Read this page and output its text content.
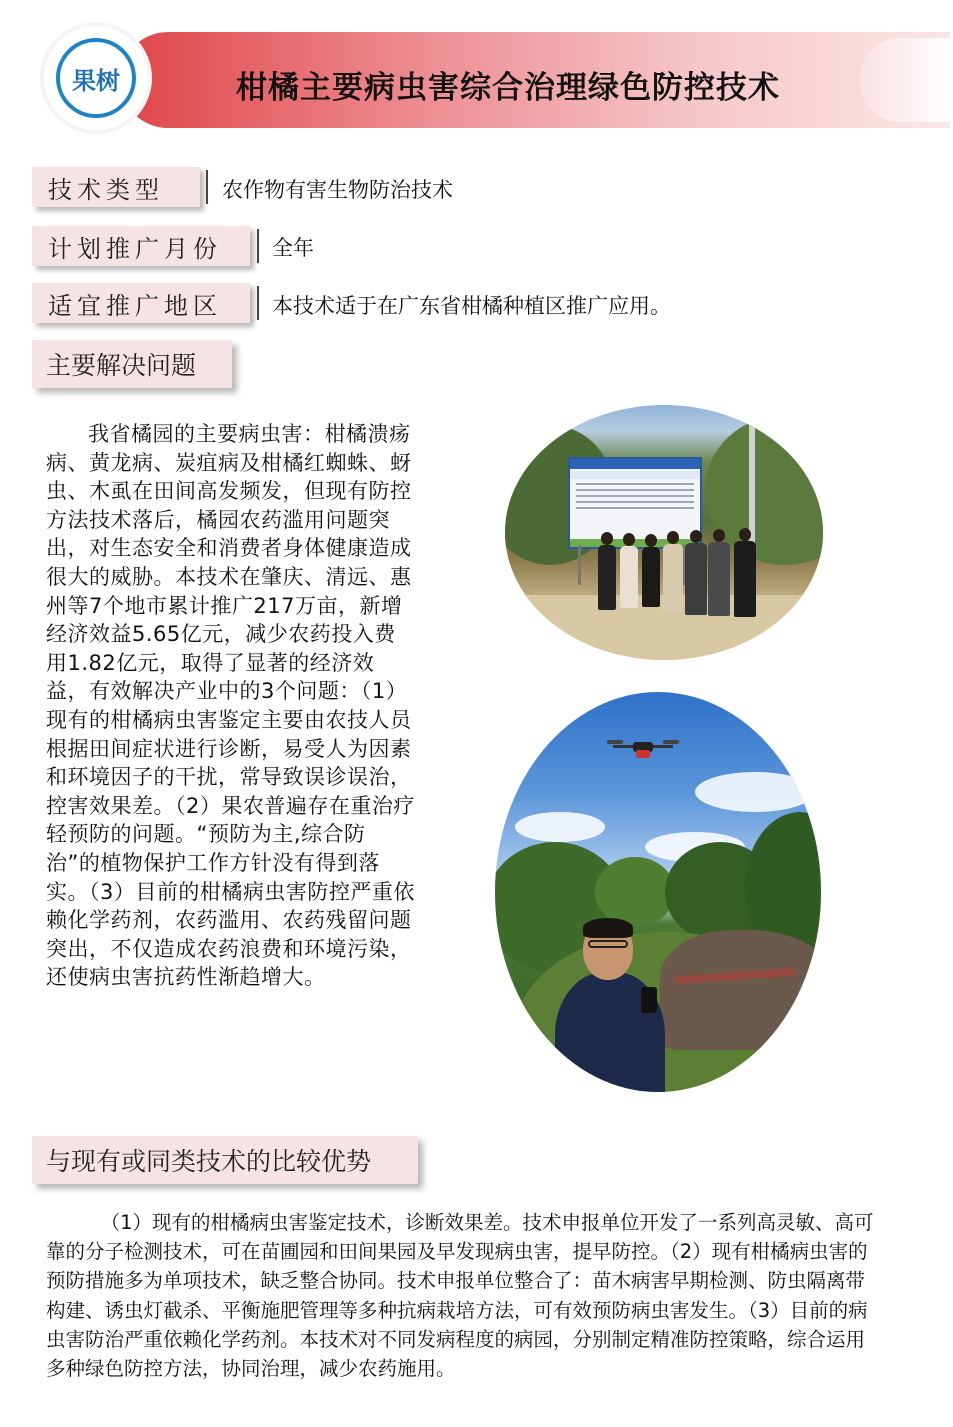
果树	柑橘主要病虫害综合治理绿色防控技术
技术类型	农作物有害生物防治技术
计划推广月份	全年
适宜推广地区	本技术适于在广东省柑橘种植区推广应用。
主要解决问题
我省橘园的主要病虫害：柑橘溃疡病、黄龙病、炭疽病及柑橘红蜘蛛、蚜虫、木虱在田间高发频发，但现有防控方法技术落后，橘园农药滥用问题突出，对生态安全和消费者身体健康造成很大的威胁。本技术在肇庆、清远、惠州等7个地市累计推广217万亩，新增经济效益5.65亿元，减少农药投入费用1.82亿元，取得了显著的经济效益，有效解决产业中的3个问题：（1）现有的柑橘病虫害鉴定主要由农技人员根据田间症状进行诊断，易受人为因素和环境因子的干扰，常导致误诊误治，控害效果差。（2）果农普遍存在重治疗轻预防的问题。“预防为主,综合防治”的植物保护工作方针没有得到落实。（3）目前的柑橘病虫害防控严重依赖化学药剂，农药滥用、农药残留问题突出，不仅造成农药浪费和环境污染，还使病虫害抗药性渐趋增大。

与现有或同类技术的比较优势
（1）现有的柑橘病虫害鉴定技术，诊断效果差。技术申报单位开发了一系列高灵敏、高可靠的分子检测技术，可在苗圃园和田间果园及早发现病虫害，提早防控。（2）现有柑橘病虫害的预防措施多为单项技术，缺乏整合协同。技术申报单位整合了：苗木病害早期检测、防虫隔离带构建、诱虫灯截杀、平衡施肥管理等多种抗病栽培方法，可有效预防病虫害发生。（3）目前的病虫害防治严重依赖化学药剂。本技术对不同发病程度的病园，分别制定精准防控策略，综合运用多种绿色防控方法，协同治理，减少农药施用。
